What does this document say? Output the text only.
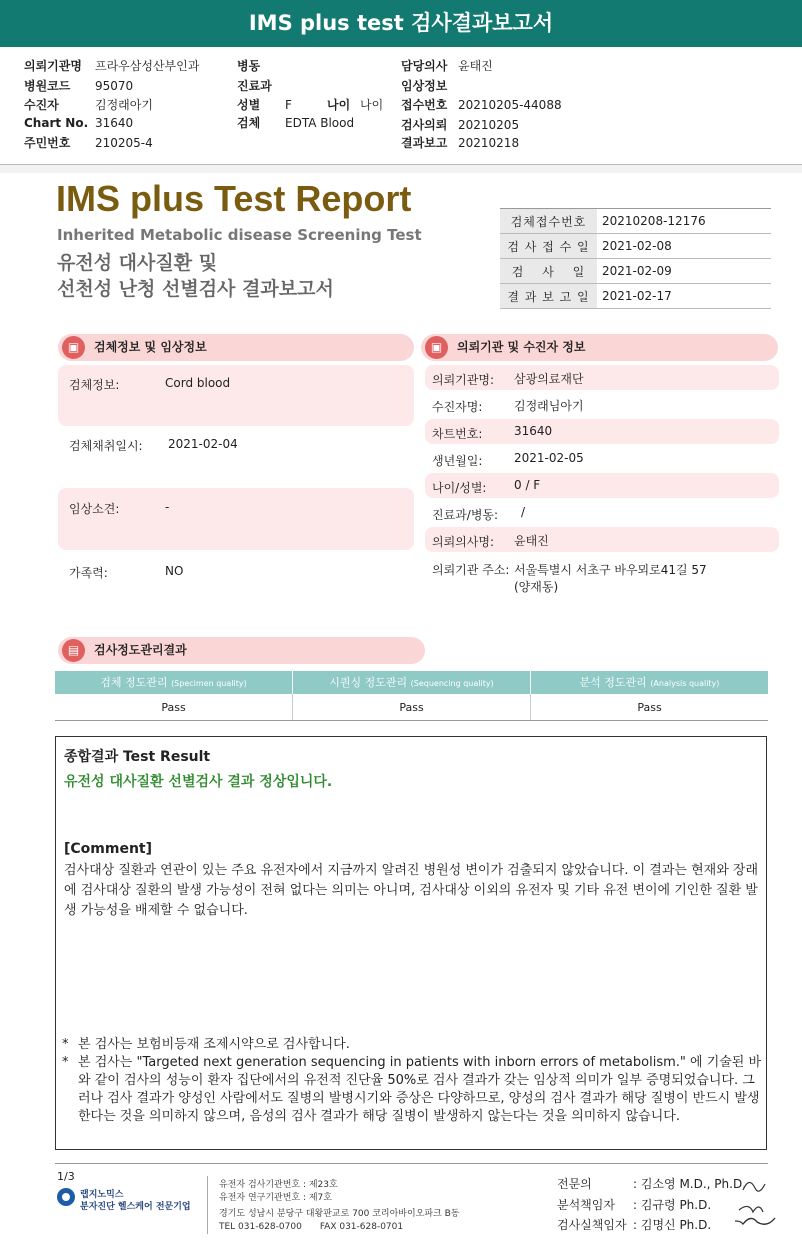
IMS plus test 검사결과보고서
의뢰기관명 프라우삼성산부인과
병원코드 95070
수진자	김정래아기
Chart No. 31640
주민번호 210205-4
병동
진료과
성별 F	나이 나이
검체 EDTA Blood
담당의사 윤태진
임상정보
접수번호 20210205-44088
검사의뢰 20210205
결과보고 20210218
IMS plus Test Report
Inherited Metabolic disease Screening Test
유전성 대사질환 및
선천성 난청 선별검사 결과보고서
검체접수번호	20210208-12176
검 사 접 수 일	2021-02-08
검　 사 　일	2021-02-09
결 과 보 고 일	2021-02-17
▣	검체정보 및 임상정보
검체정보:	Cord blood
검체채취일시: 2021-02-04
임상소견:	-
가족력:	NO
▣	의뢰기관 및 수진자 정보
의뢰기관명: 삼광의료재단
수진자명:	김정래님아기
차트번호:	31640
생년월일:	2021-02-05
나이/성별: 0 / F
진료과/병동: /
의뢰의사명: 윤태진
의뢰기관 주소: 서울특별시 서초구 바우뫼로41길 57
(양재동)
▤	검사정도관리결과
검체 정도관리 (Specimen quality)	시퀀싱 정도관리 (Sequencing quality)	분석 정도관리 (Analysis quality)
Pass	Pass	Pass
종합결과 Test Result
유전성 대사질환 선별검사 결과 정상입니다.
[Comment]
검사대상 질환과 연관이 있는 주요 유전자에서 지금까지 알려진 병원성 변이가 검출되지 않았습니다. 이 결과는 현재와 장래에 검사대상 질환의 발생 가능성이 전혀 없다는 의미는 아니며, 검사대상 이외의 유전자 및 기타 유전 변이에 기인한 질환 발생 가능성을 배제할 수 없습니다.
* 본 검사는 보험비등재 조제시약으로 검사합니다.
* 본 검사는 "Targeted next generation sequencing in patients with inborn errors of metabolism." 에 기술된 바와 같이 검사의 성능이 환자 집단에서의 유전적 진단율 50%로 검사 결과가 갖는 임상적 의미가 일부 증명되었습니다. 그러나 검사 결과가 양성인 사람에서도 질병의 발병시기와 증상은 다양하므로, 양성의 검사 결과가 해당 질병이 반드시 발생한다는 것을 의미하지 않으며, 음성의 검사 결과가 해당 질병이 발생하지 않는다는 것을 의미하지 않습니다.
1/3
랩지노믹스
분자진단 헬스케어 전문기업
유전자 검사기관번호 : 제23호
유전자 연구기관번호 : 제7호
경기도 성남시 분당구 대왕판교로 700 코리아바이오파크 B동
TEL 031-628-0700　　FAX 031-628-0701
전문의	: 김소영 M.D., Ph.D.
분석책임자 : 김규령 Ph.D.
검사실책임자 : 김명신 Ph.D.
